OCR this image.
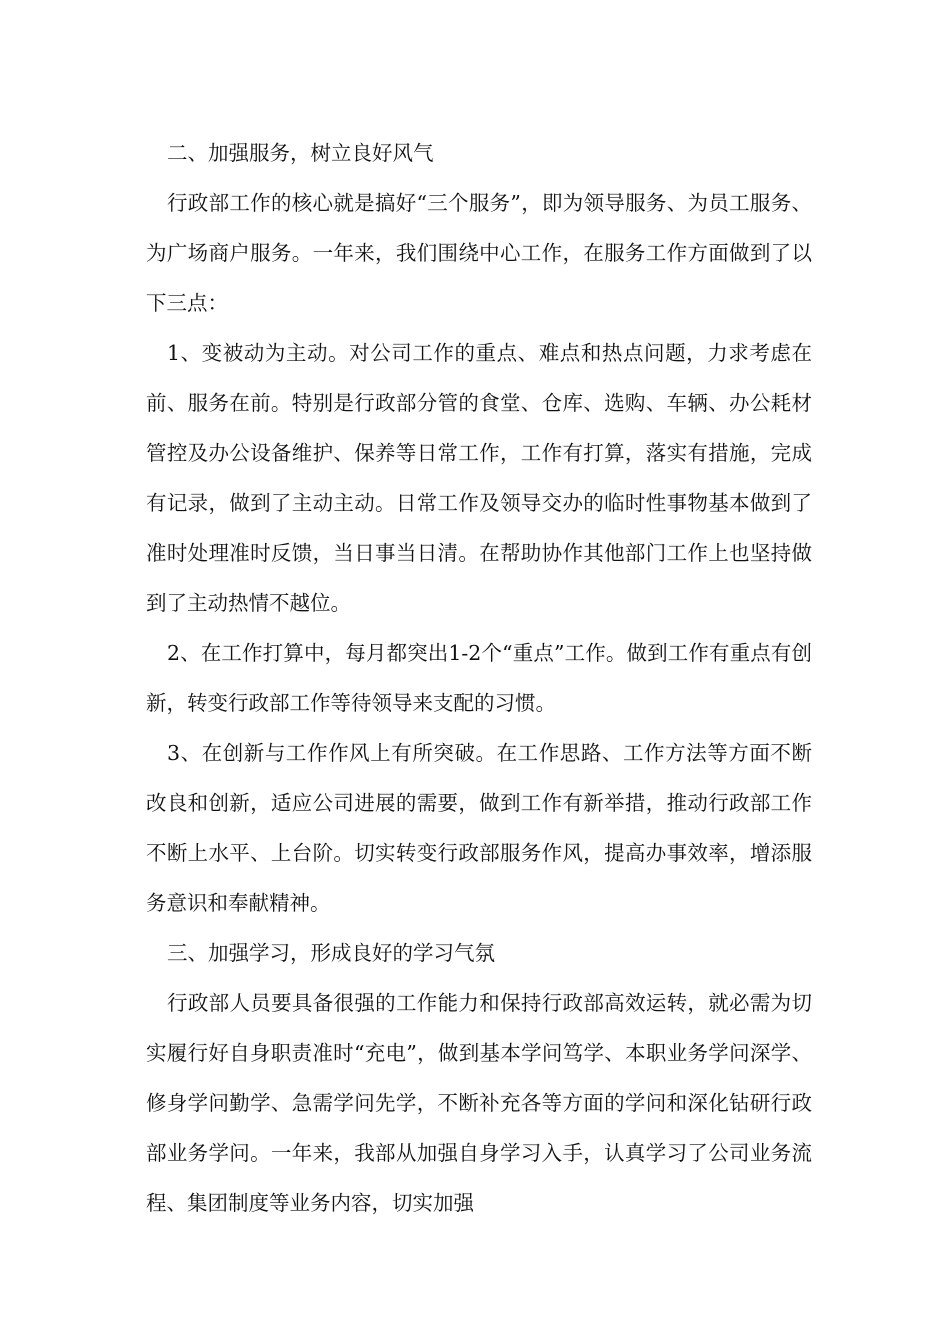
二、加强服务，树立良好风气

行政部工作的核心就是搞好“三个服务”，即为领导服务、为员工服务、为广场商户服务。一年来，我们围绕中心工作，在服务工作方面做到了以下三点：

1、变被动为主动。对公司工作的重点、难点和热点问题，力求考虑在前、服务在前。特别是行政部分管的食堂、仓库、选购、车辆、办公耗材管控及办公设备维护、保养等日常工作，工作有打算，落实有措施，完成有记录，做到了主动主动。日常工作及领导交办的临时性事物基本做到了准时处理准时反馈，当日事当日清。在帮助协作其他部门工作上也坚持做到了主动热情不越位。

2、在工作打算中，每月都突出1-2个“重点”工作。做到工作有重点有创新，转变行政部工作等待领导来支配的习惯。

3、在创新与工作作风上有所突破。在工作思路、工作方法等方面不断改良和创新，适应公司进展的需要，做到工作有新举措，推动行政部工作不断上水平、上台阶。切实转变行政部服务作风，提高办事效率，增添服务意识和奉献精神。

三、加强学习，形成良好的学习气氛

行政部人员要具备很强的工作能力和保持行政部高效运转，就必需为切实履行好自身职责准时“充电”，做到基本学问笃学、本职业务学问深学、修身学问勤学、急需学问先学，不断补充各等方面的学问和深化钻研行政部业务学问。一年来，我部从加强自身学习入手，认真学习了公司业务流程、集团制度等业务内容，切实加强
